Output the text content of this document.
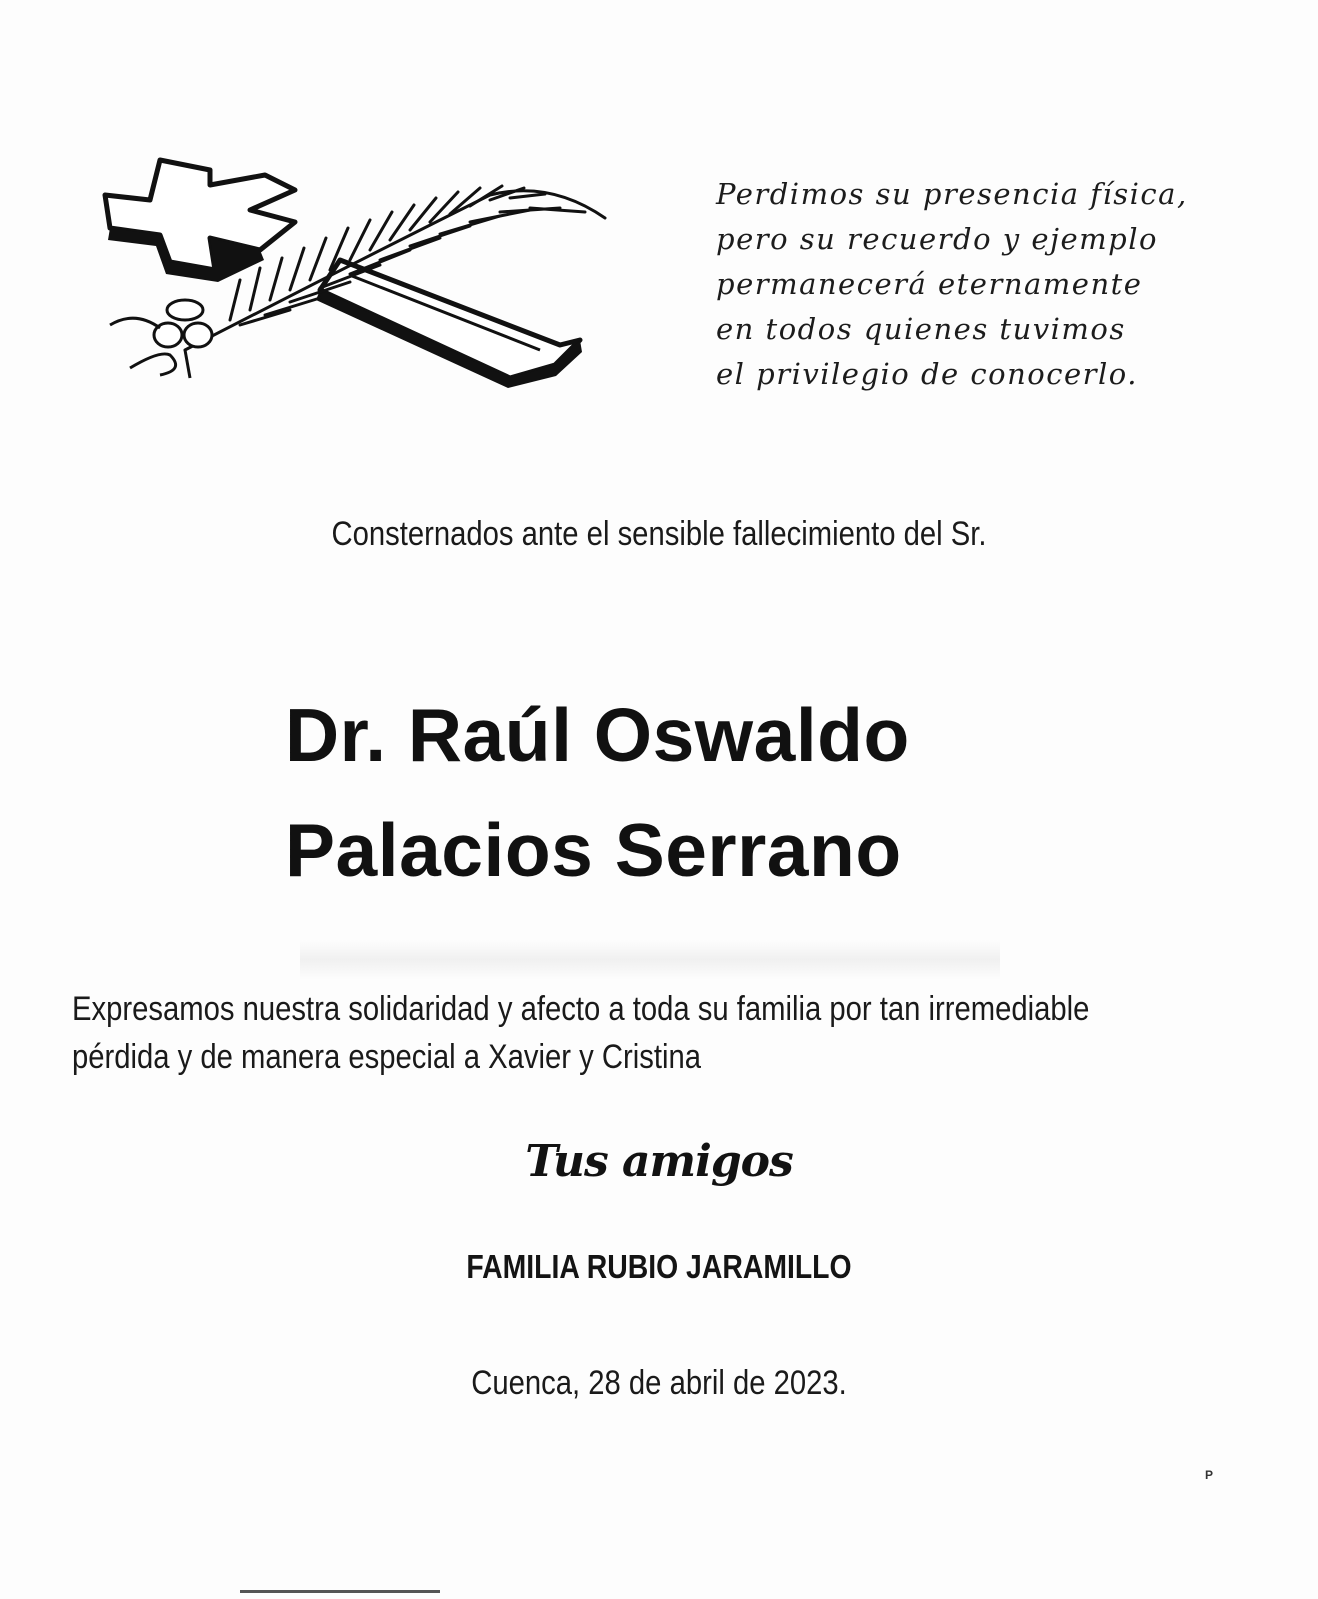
Perdimos su presencia física,
pero su recuerdo y ejemplo
permanecerá eternamente
en todos quienes tuvimos
el privilegio de conocerlo.
Consternados ante el sensible fallecimiento del Sr.
Dr. Raúl Oswaldo
Palacios Serrano
Expresamos nuestra solidaridad y afecto a toda su familia por tan irremediable
pérdida y de manera especial a Xavier y Cristina
Tus amigos
FAMILIA RUBIO JARAMILLO
Cuenca, 28 de abril de 2023.
P
